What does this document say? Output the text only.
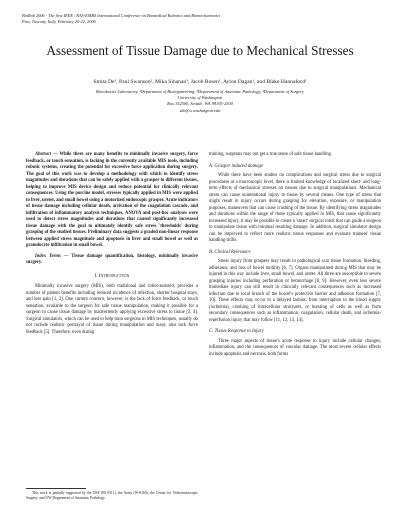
BioRob 2006 - The first IEEE / RAS-EMBS International Conference on Biomedical Robotics and Biomechatronics
Pisa, Tuscany, Italy, February 20-22, 2006
Assessment of Tissue Damage due to Mechanical Stresses
Smita De¹, Paul Swanson², Mika Sinanan³, Jacob Rosen¹, Aylon Dagan¹, and Blake Hannaford¹
Biorobotics Laboratory, ¹Department of Bioengineering, ²Department of Anatomic Pathology, ³Department of Surgery
University of Washington
Box 352500, Seattle, WA 98195-2500
sde@u.washington.edu

Abstract — While there are many benefits to minimally invasive surgery, force feedback, or touch sensation, is lacking in the currently available MIS tools, including robotic systems, creating the potential for excessive force application during surgery. The goal of this work was to develop a methodology with which to identify stress magnitudes and durations that can be safely applied with a grasper to different tissues, helping to improve MIS device design and reduce potential for clinically relevant consequences. Using the porcine model, stresses typically applied in MIS were applied to liver, ureter, and small bowel using a motorized endoscopic grasper. Acute indicators of tissue damage including cellular death, activation of the coagulation cascade, and infiltration of inflammatory analysis techniques. ANOVA and post-hoc analyses were used to detect stress magnitudes and durations that caused significantly increased tissue damage with the goal to ultimately identify safe stress 'thresholds' during grasping of the studied tissues. Preliminary data suggests a graded non-linear response between applied stress magnitude and apoptosis in liver and small bowel as well as granulocyte infiltration in small bowel.

Index Terms — Tissue damage quantification, histology, minimally invasive surgery.

I. Introduction

Minimally invasive surgery (MIS), both traditional and robot-assisted, provides a number of patient benefits including reduced incidence of infection, shorter hospital stays, and less pain [1, 2]. One current concern, however, is the lack of force feedback, or touch sensation, available to the surgeon for safe tissue manipulation, making it possible for a surgeon to cause tissue damage by inadvertently applying excessive stress to tissue [3, 4]. Surgical simulators, which can be used to help train surgeons in MIS techniques, usually do not include realistic portrayal of tissue during manipulation and many also lack force feedback [5]. Therefore, even during

training, surgeons may not get a true sense of safe tissue handling.

A. Grasper induced damage

While there have been studies on complications and surgical stress due to surgical procedures at a macroscopic level, there is limited knowledge of localized short- and long-term effects of mechanical stresses on tissues due to surgical manipulations. Mechanical stress can cause unintentional injury to tissue by several means. One type of stress that might result in injury occurs during grasping for elevation, exposure, or manipulation purposes, maneuvers that can cause crushing of the tissue. By identifying stress magnitudes and durations within the range of those typically applied in MIS, that cause significantly increased injury, it may be possible to create a 'smart' surgical robot that can guide a surgeon to manipulate tissue with minimal resulting damage. In addition, surgical simulator design can be improved to reflect more realistic tissue responses and evaluate trainees' tissue handling skills.

B. Clinical Relevance

Stress injury from graspers may result in pathological scar tissue formation, bleeding, adhesions, and loss of bowel motility [6, 7]. Organs manipulated during MIS that may be injured in this way include liver, small bowel, and ureter. All three are susceptible to severe grasping injuries including perforation or hemorrhage [8, 9]. However, even less severe immediate injury can still result in clinically relevant consequences such as increased infection due to local breach of the bowel's protective barrier and adhesion formation [7, 10]. These effects may occur in a delayed fashion from interruption to the blood supply (ischemia), crushing of intracellular structures, or bursting of cells as well as from secondary consequences such as inflammation, coagulation, cellular death, and ischemia-reperfusion injury that may follow [11, 12, 13, 14].

C. Tissue Response to Injury

Three major aspects of tissue's acute response to injury include cellular changes, inflammation, and the consequences of vascular damage. The most severe cellular effects include apoptosis and necrosis, both forms

This work is partially supported by the NSF (BI 0511), the Army (W-8160), the Center for Videoendoscopic Surgery, and UW Department of Anatomic Pathology
